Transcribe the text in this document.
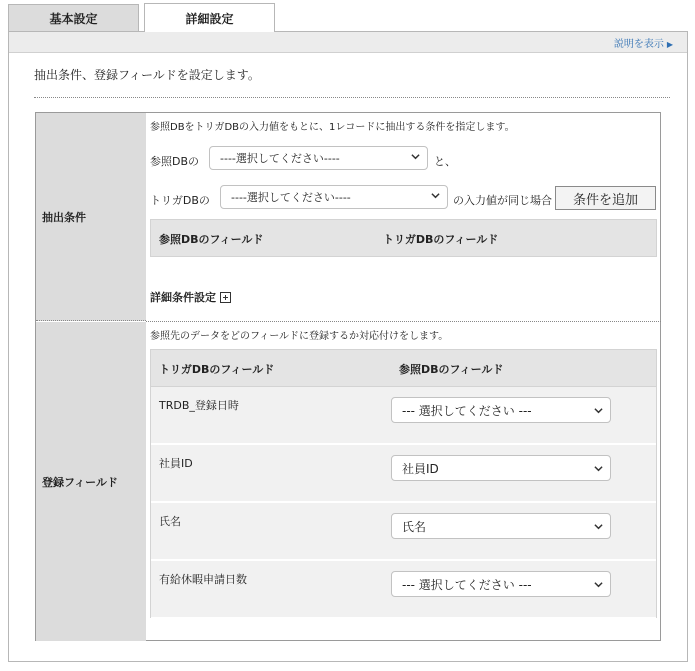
基本設定	詳細設定
説明を表示 ▶
抽出条件、登録フィールドを設定します。
抽出条件
参照DBをトリガDBの入力値をもとに、1レコードに抽出する条件を指定します。
参照DBの ----選択してください----	と、
トリガDBの ----選択してください----	の入力値が同じ場合	条件を追加
参照DBのフィールド	トリガDBのフィールド
詳細条件設定
登録フィールド
参照先のデータをどのフィールドに登録するか対応付けをします。
トリガDBのフィールド	参照DBのフィールド
TRDB_登録日時	--- 選択してください ---
社員ID	社員ID
氏名	氏名
有給休暇申請日数	--- 選択してください ---
